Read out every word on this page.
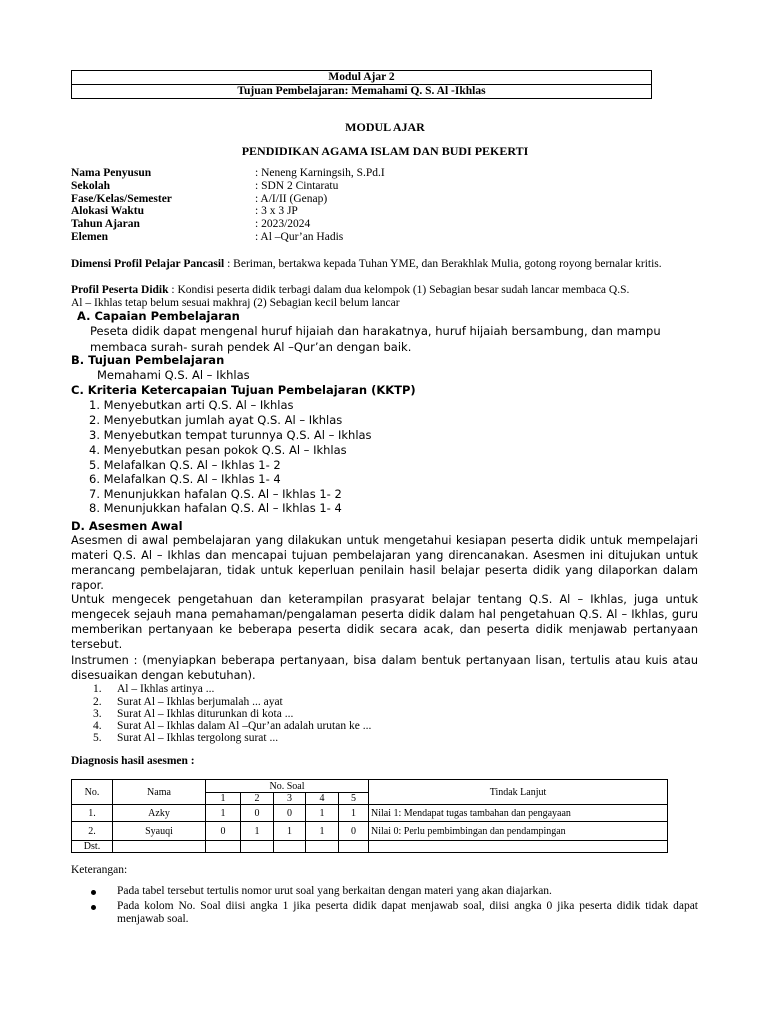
Modul Ajar 2
Tujuan Pembelajaran: Memahami Q. S. Al -Ikhlas
MODUL AJAR
PENDIDIKAN AGAMA ISLAM DAN BUDI PEKERTI
Nama Penyusun	: Neneng Karningsih, S.Pd.I
Sekolah	: SDN 2 Cintaratu
Fase/Kelas/Semester	: A/I/II (Genap)
Alokasi Waktu	: 3 x 3 JP
Tahun Ajaran	: 2023/2024
Elemen	: Al –Qur’an Hadis
Dimensi Profil Pelajar Pancasil : Beriman, bertakwa kepada Tuhan YME, dan Berakhlak Mulia, gotong royong bernalar kritis.
Profil Peserta Didik : Kondisi peserta didik terbagi dalam dua kelompok (1) Sebagian besar sudah lancar membaca Q.S.
Al – Ikhlas tetap belum sesuai makhraj (2) Sebagian kecil belum lancar
A. Capaian Pembelajaran
Peseta didik dapat mengenal huruf hijaiah dan harakatnya, huruf hijaiah bersambung, dan mampu
membaca surah- surah pendek Al –Qur’an dengan baik.
B. Tujuan Pembelajaran
Memahami Q.S. Al – Ikhlas
C. Kriteria Ketercapaian Tujuan Pembelajaran (KKTP)
1. Menyebutkan arti Q.S. Al – Ikhlas
2. Menyebutkan jumlah ayat Q.S. Al – Ikhlas
3. Menyebutkan tempat turunnya Q.S. Al – Ikhlas
4. Menyebutkan pesan pokok Q.S. Al – Ikhlas
5. Melafalkan Q.S. Al – Ikhlas 1- 2
6. Melafalkan Q.S. Al – Ikhlas 1- 4
7. Menunjukkan hafalan Q.S. Al – Ikhlas 1- 2
8. Menunjukkan hafalan Q.S. Al – Ikhlas 1- 4
D. Asesmen Awal
Asesmen di awal pembelajaran yang dilakukan untuk mengetahui kesiapan peserta didik untuk mempelajari materi Q.S. Al – Ikhlas dan mencapai tujuan pembelajaran yang direncanakan. Asesmen ini ditujukan untuk merancang pembelajaran, tidak untuk keperluan penilain hasil belajar peserta didik yang dilaporkan dalam rapor.
Untuk mengecek pengetahuan dan keterampilan prasyarat belajar tentang Q.S. Al – Ikhlas, juga untuk mengecek sejauh mana pemahaman/pengalaman peserta didik dalam hal pengetahuan Q.S. Al – Ikhlas, guru memberikan pertanyaan ke beberapa peserta didik secara acak, dan peserta didik menjawab pertanyaan tersebut.
Instrumen : (menyiapkan beberapa pertanyaan, bisa dalam bentuk pertanyaan lisan, tertulis atau kuis atau disesuaikan dengan kebutuhan).
1. Al – Ikhlas artinya ...
2. Surat Al – Ikhlas berjumalah ... ayat
3. Surat Al – Ikhlas diturunkan di kota ...
4. Surat Al – Ikhlas dalam Al –Qur’an adalah urutan ke ...
5. Surat Al – Ikhlas tergolong surat ...
Diagnosis hasil asesmen :
No.	Nama	No. Soal					Tindak Lanjut
		1	2	3	4	5	
1.	Azky	1	0	0	1	1	Nilai 1: Mendapat tugas tambahan dan pengayaan
2.	Syauqi	0	1	1	1	0	Nilai 0: Perlu pembimbingan dan pendampingan
Dst.							
Keterangan:
Pada tabel tersebut tertulis nomor urut soal yang berkaitan dengan materi yang akan diajarkan.
Pada kolom No. Soal diisi angka 1 jika peserta didik dapat menjawab soal, diisi angka 0 jika peserta didik tidak dapat menjawab soal.
